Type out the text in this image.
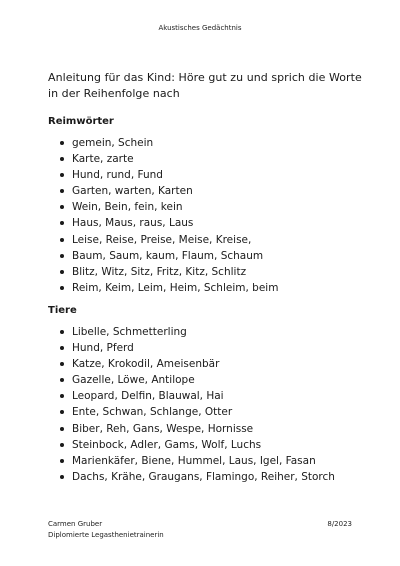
Akustisches Gedächtnis

Anleitung für das Kind: Höre gut zu und sprich die Worte in der Reihenfolge nach

Reimwörter

gemein, Schein
Karte, zarte
Hund, rund, Fund
Garten, warten, Karten
Wein, Bein, fein, kein
Haus, Maus, raus, Laus
Leise, Reise, Preise, Meise, Kreise,
Baum, Saum, kaum, Flaum, Schaum
Blitz, Witz, Sitz, Fritz, Kitz, Schlitz
Reim, Keim, Leim, Heim, Schleim, beim

Tiere

Libelle, Schmetterling
Hund, Pferd
Katze, Krokodil, Ameisenbär
Gazelle, Löwe, Antilope
Leopard, Delfin, Blauwal, Hai
Ente, Schwan, Schlange, Otter
Biber, Reh, Gans, Wespe, Hornisse
Steinbock, Adler, Gams, Wolf, Luchs
Marienkäfer, Biene, Hummel, Laus, Igel, Fasan
Dachs, Krähe, Graugans, Flamingo, Reiher, Storch
Carmen Gruber
Diplomierte Legasthenietrainerin
8/2023
